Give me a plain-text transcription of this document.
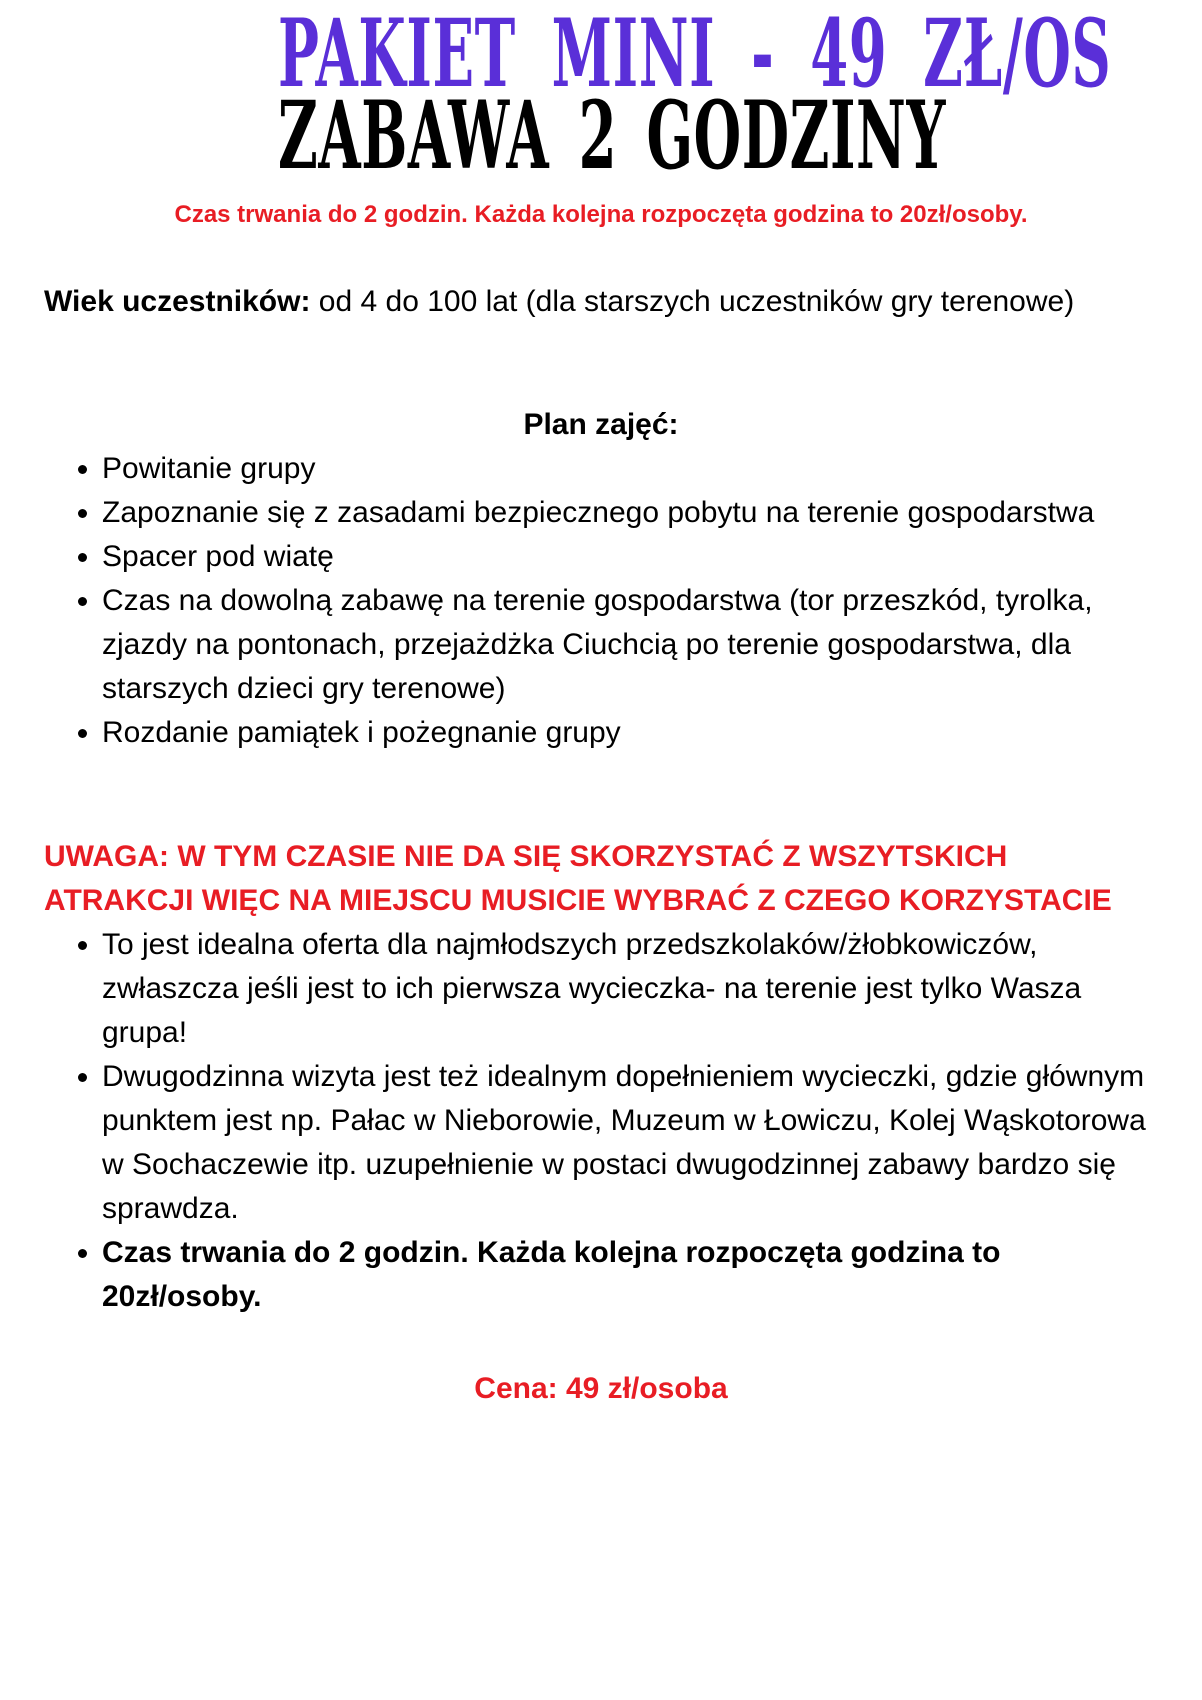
PAKIET MINI - 49 ZŁ/OS
ZABAWA 2 GODZINY

Czas trwania do 2 godzin. Każda kolejna rozpoczęta godzina to 20zł/osoby.

Wiek uczestników: od 4 do 100 lat (dla starszych uczestników gry terenowe)

Plan zajęć:

• Powitanie grupy
• Zapoznanie się z zasadami bezpiecznego pobytu na terenie gospodarstwa
• Spacer pod wiatę
• Czas na dowolną zabawę na terenie gospodarstwa (tor przeszkód, tyrolka, zjazdy na pontonach, przejażdżka Ciuchcią po terenie gospodarstwa, dla starszych dzieci gry terenowe)
• Rozdanie pamiątek i pożegnanie grupy

UWAGA: W TYM CZASIE NIE DA SIĘ SKORZYSTAĆ Z WSZYTSKICH ATRAKCJI WIĘC NA MIEJSCU MUSICIE WYBRAĆ Z CZEGO KORZYSTACIE

• To jest idealna oferta dla najmłodszych przedszkolaków/żłobkowiczów, zwłaszcza jeśli jest to ich pierwsza wycieczka- na terenie jest tylko Wasza grupa!
• Dwugodzinna wizyta jest też idealnym dopełnieniem wycieczki, gdzie głównym punktem jest np. Pałac w Nieborowie, Muzeum w Łowiczu, Kolej Wąskotorowa w Sochaczewie itp. uzupełnienie w postaci dwugodzinnej zabawy bardzo się sprawdza.
• Czas trwania do 2 godzin. Każda kolejna rozpoczęta godzina to 20zł/osoby.

Cena: 49 zł/osoba
